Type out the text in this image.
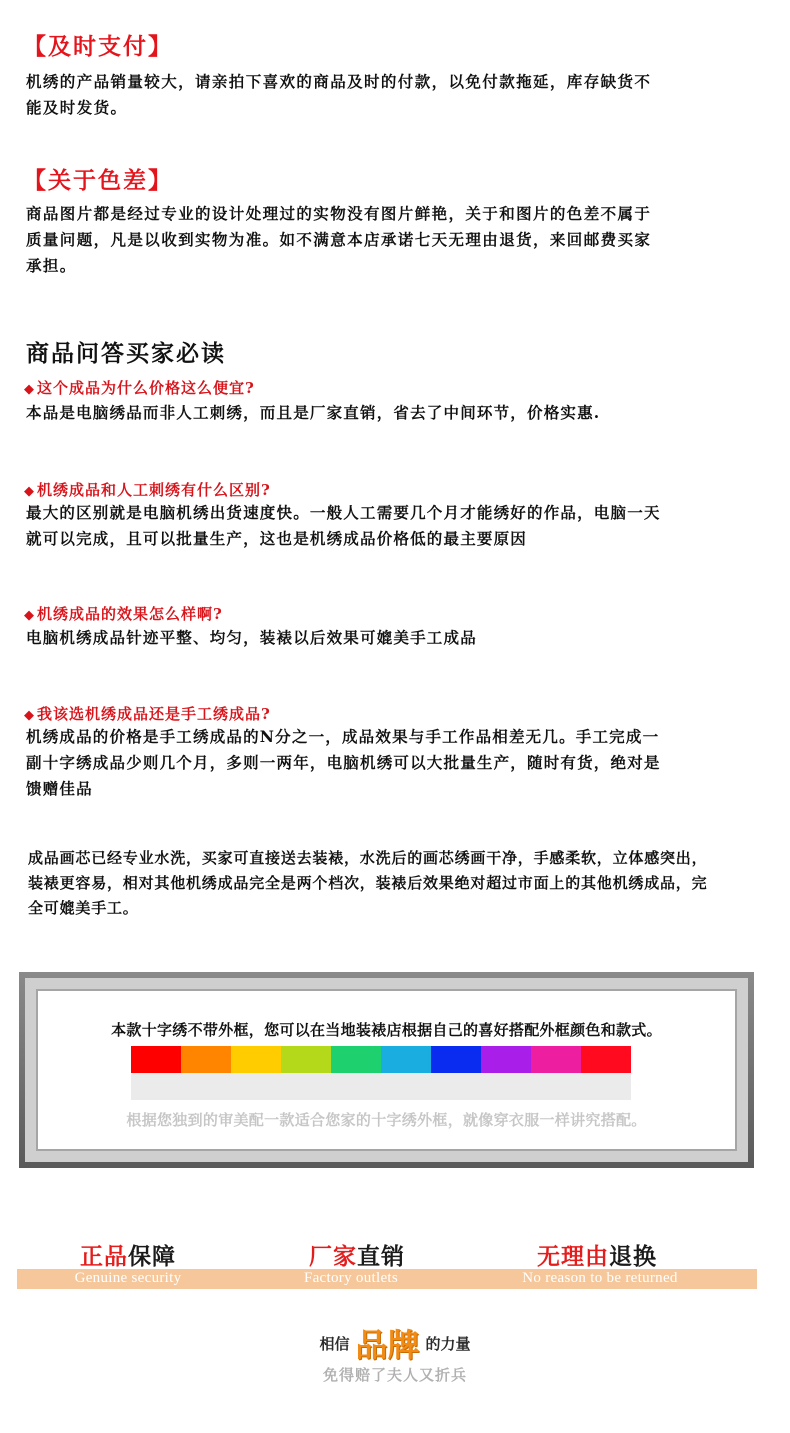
【及时支付】
机绣的产品销量较大，请亲拍下喜欢的商品及时的付款，以免付款拖延，库存缺货不
能及时发货。
【关于色差】
商品图片都是经过专业的设计处理过的实物没有图片鲜艳，关于和图片的色差不属于
质量问题，凡是以收到实物为准。如不满意本店承诺七天无理由退货，来回邮费买家
承担。
商品问答买家必读
◆ 这个成品为什么价格这么便宜?
本品是电脑绣品而非人工刺绣，而且是厂家直销，省去了中间环节，价格实惠.
◆ 机绣成品和人工刺绣有什么区别?
最大的区别就是电脑机绣出货速度快。一般人工需要几个月才能绣好的作品，电脑一天
就可以完成，且可以批量生产，这也是机绣成品价格低的最主要原因
◆ 机绣成品的效果怎么样啊?
电脑机绣成品针迹平整、均匀，装裱以后效果可媲美手工成品
◆ 我该选机绣成品还是手工绣成品?
机绣成品的价格是手工绣成品的N分之一，成品效果与手工作品相差无几。手工完成一
副十字绣成品少则几个月，多则一两年，电脑机绣可以大批量生产，随时有货，绝对是
馈赠佳品
成品画芯已经专业水洗，买家可直接送去装裱，水洗后的画芯绣画干净，手感柔软，立体感突出，
装裱更容易，相对其他机绣成品完全是两个档次，装裱后效果绝对超过市面上的其他机绣成品，完
全可媲美手工。
本款十字绣不带外框，您可以在当地装裱店根据自己的喜好搭配外框颜色和款式。
根据您独到的审美配一款适合您家的十字绣外框，就像穿衣服一样讲究搭配。
正品保障
Genuine security
厂家直销
Factory outlets
无理由退换
No reason to be returned
相信 品牌 的力量
免得赔了夫人又折兵
